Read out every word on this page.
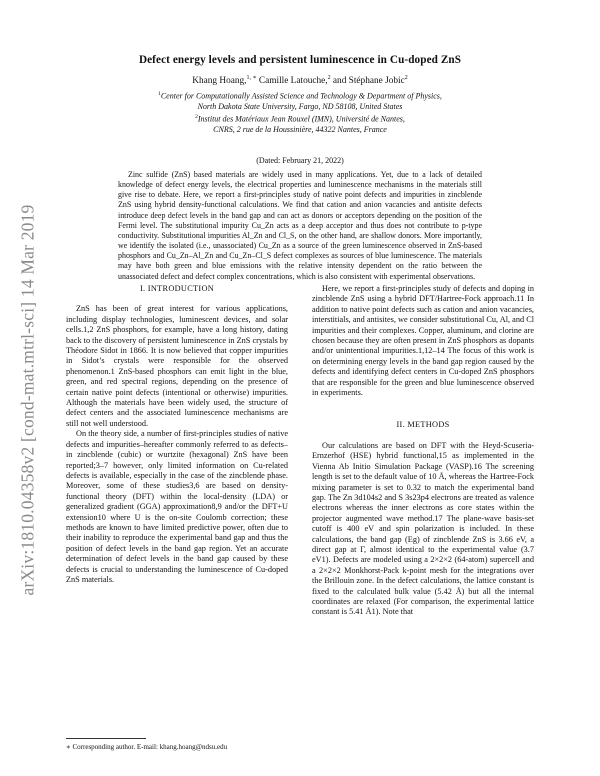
arXiv:1810.04358v2 [cond-mat.mtrl-sci] 14 Mar 2019
Defect energy levels and persistent luminescence in Cu-doped ZnS
Khang Hoang,$^{1, ∗}$ Camille Latouche,$^2$ and Stéphane Jobic$^2$
$^1$Center for Computationally Assisted Science and Technology & Department of Physics,
North Dakota State University, Fargo, ND 58108, United States
$^2$Institut des Matériaux Jean Rouxel (IMN), Université de Nantes,
CNRS, 2 rue de la Houssinière, 44322 Nantes, France
(Dated: February 21, 2022)
Zinc sulfide (ZnS) based materials are widely used in many applications. Yet, due to a lack of detailed knowledge of defect energy levels, the electrical properties and luminescence mechanisms in the materials still give rise to debate. Here, we report a first-principles study of native point defects and impurities in zincblende ZnS using hybrid density-functional calculations. We find that cation and anion vacancies and antisite defects introduce deep defect levels in the band gap and can act as donors or acceptors depending on the position of the Fermi level. The substitutional impurity Cu_Zn acts as a deep acceptor and thus does not contribute to p-type conductivity. Substitutional impurities Al_Zn and Cl_S, on the other hand, are shallow donors. More importantly, we identify the isolated (i.e., unassociated) Cu_Zn as a source of the green luminescence observed in ZnS-based phosphors and Cu_Zn–Al_Zn and Cu_Zn–Cl_S defect complexes as sources of blue luminescence. The materials may have both green and blue emissions with the relative intensity dependent on the ratio between the unassociated defect and defect complex concentrations, which is also consistent with experimental observations.
I. INTRODUCTION

ZnS has been of great interest for various applications, including display technologies, luminescent devices, and solar cells.1,2 ZnS phosphors, for example, have a long history, dating back to the discovery of persistent luminescence in ZnS crystals by Théodore Sidot in 1866. It is now believed that copper impurities in Sidot’s crystals were responsible for the observed phenomenon.1 ZnS-based phosphors can emit light in the blue, green, and red spectral regions, depending on the presence of certain native point defects (intentional or otherwise) impurities. Although the materials have been widely used, the structure of defect centers and the associated luminescence mechanisms are still not well understood.

On the theory side, a number of first-principles studies of native defects and impurities–hereafter commonly referred to as defects–in zincblende (cubic) or wurtzite (hexagonal) ZnS have been reported;3–7 however, only limited information on Cu-related defects is available, especially in the case of the zincblende phase. Moreover, some of these studies3,6 are based on density-functional theory (DFT) within the local-density (LDA) or generalized gradient (GGA) approximation8,9 and/or the DFT+U extension10 where U is the on-site Coulomb correction; these methods are known to have limited predictive power, often due to their inability to reproduce the experimental band gap and thus the position of defect levels in the band gap region. Yet an accurate determination of defect levels in the band gap caused by these defects is crucial to understanding the luminescence of Cu-doped ZnS materials.

Here, we report a first-principles study of defects and doping in zincblende ZnS using a hybrid DFT/Hartree-Fock approach.11 In addition to native point defects such as cation and anion vacancies, interstitials, and antisites, we consider substitutional Cu, Al, and Cl impurities and their complexes. Copper, aluminum, and clorine are chosen because they are often present in ZnS phosphors as dopants and/or unintentional impurities.1,12–14 The focus of this work is on determining energy levels in the band gap region caused by the defects and identifying defect centers in Cu-doped ZnS phosphors that are responsible for the green and blue luminescence observed in experiments.

II. METHODS

Our calculations are based on DFT with the Heyd-Scuseria-Ernzerhof (HSE) hybrid functional,15 as implemented in the Vienna Ab Initio Simulation Package (VASP).16 The screening length is set to the default value of 10 Å, whereas the Hartree-Fock mixing parameter is set to 0.32 to match the experimental band gap. The Zn 3d104s2 and S 3s23p4 electrons are treated as valence electrons whereas the inner electrons as core states within the projector augmented wave method.17 The plane-wave basis-set cutoff is 400 eV and spin polarization is included. In these calculations, the band gap (Eg) of zincblende ZnS is 3.66 eV, a direct gap at Γ, almost identical to the experimental value (3.7 eV1). Defects are modeled using a 2×2×2 (64-atom) supercell and a 2×2×2 Monkhorst-Pack k-point mesh for the integrations over the Brillouin zone. In the defect calculations, the lattice constant is fixed to the calculated bulk value (5.42 Å) but all the internal coordinates are relaxed (For comparison, the experimental lattice constant is 5.41 Å1). Note that

∗ Corresponding author. E-mail: khang.hoang@ndsu.edu
